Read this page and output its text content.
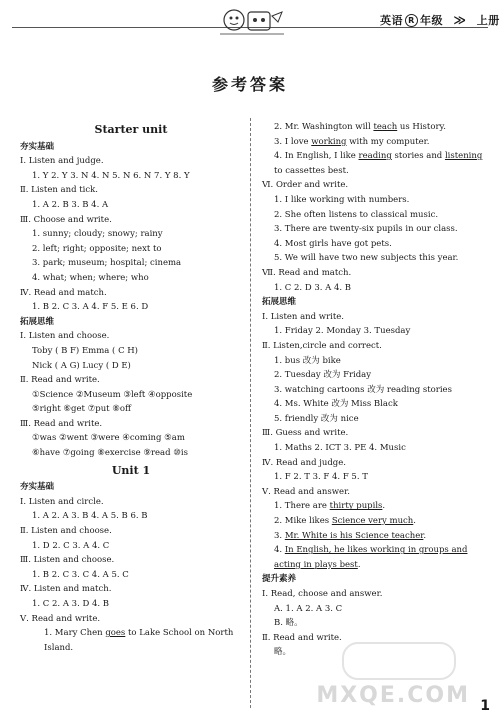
英语 R 年级 ≫ 上册
参考答案
Starter unit
夯实基础
Ⅰ. Listen and judge.
1. Y 2. Y 3. N 4. N 5. N 6. N 7. Y 8. Y
Ⅱ. Listen and tick.
1. A 2. B 3. B 4. A
Ⅲ. Choose and write.
1. sunny; cloudy; snowy; rainy
2. left; right; opposite; next to
3. park; museum; hospital; cinema
4. what; when; where; who
Ⅳ. Read and match.
1. B 2. C 3. A 4. F 5. E 6. D
拓展思维
Ⅰ. Listen and choose.
Toby ( B F) Emma ( C H)
Nick ( A G) Lucy ( D E)
Ⅱ. Read and write.
①Science ②Museum ③left ④opposite
⑤right ⑥get ⑦put ⑧off
Ⅲ. Read and write.
①was ②went ③were ④coming ⑤am
⑥have ⑦going ⑧exercise ⑨read ⑩is
Unit 1
夯实基础
Ⅰ. Listen and circle.
1. A 2. A 3. B 4. A 5. B 6. B
Ⅱ. Listen and choose.
1. D 2. C 3. A 4. C
Ⅲ. Listen and choose.
1. B 2. C 3. C 4. A 5. C
Ⅳ. Listen and match.
1. C 2. A 3. D 4. B
Ⅴ. Read and write.
1. Mary Chen goes to Lake School on North Island.
2. Mr. Washington will teach us History.
3. I love working with my computer.
4. In English, I like reading stories and listening to cassettes best.
Ⅵ. Order and write.
1. I like working with numbers.
2. She often listens to classical music.
3. There are twenty-six pupils in our class.
4. Most girls have got pets.
5. We will have two new subjects this year.
Ⅶ. Read and match.
1. C 2. D 3. A 4. B
拓展思维
Ⅰ. Listen and write.
1. Friday 2. Monday 3. Tuesday
Ⅱ. Listen,circle and correct.
1. bus 改为 bike
2. Tuesday 改为 Friday
3. watching cartoons 改为 reading stories
4. Ms. White 改为 Miss Black
5. friendly 改为 nice
Ⅲ. Guess and write.
1. Maths 2. ICT 3. PE 4. Music
Ⅳ. Read and judge.
1. F 2. T 3. F 4. F 5. T
Ⅴ. Read and answer.
1. There are thirty pupils.
2. Mike likes Science very much.
3. Mr. White is his Science teacher.
4. In English, he likes working in groups and acting in plays best.
提升素养
Ⅰ. Read, choose and answer.
A. 1. A 2. A 3. C
B. 略。
Ⅱ. Read and write.
略。
MXQE.COM 1
